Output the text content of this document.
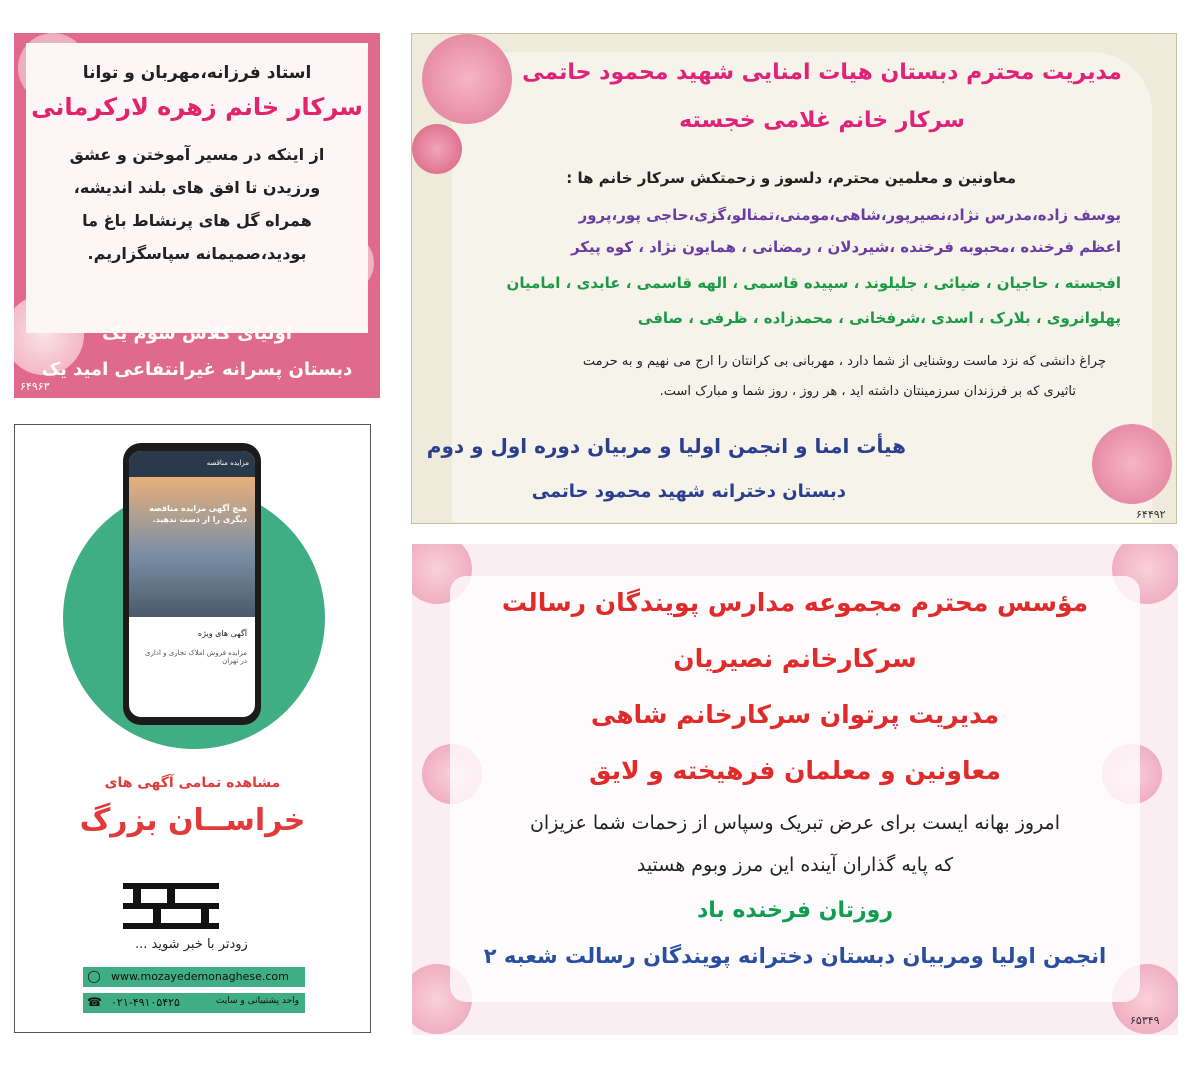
استاد فرزانه،مهربان و توانا
سرکار خانم زهره لارکرمانی
از اینکه در مسیر آموختن و عشق
ورزیدن تا افق های بلند اندیشه،
همراه گل های پرنشاط باغ ما
بودید،صمیمانه سپاسگزاریم.
اولیای کلاس سوم یک
دبستان پسرانه غیرانتفاعی امید یک
۶۴۹۶۳
مدیریت محترم دبستان هیات امنایی شهید محمود حاتمی
سرکار خانم غلامی خجسته
معاونین و معلمین محترم، دلسوز و زحمتکش سرکار خانم ها :
یوسف زاده،مدرس نژاد،نصیرپور،شاهی،مومنی،تمنالو،گزی،حاجی پور،پرور
اعظم فرخنده ،محبوبه فرخنده ،شیردلان ، رمضانی ، همایون نژاد ، کوه پیکر
افجسته ، حاجیان ، ضیائی ، جلیلوند ، سپیده قاسمی ، الهه قاسمی ، عابدی ، امامیان
پهلوانروی ، بلارک ، اسدی ،شرفخانی ، محمدزاده ، ظرفی ، صافی
چراغ دانشی که نزد ماست روشنایی از شما دارد ، مهربانی بی کرانتان را ارج می نهیم و به حرمت
تاثیری که بر فرزندان سرزمینتان داشته اید ، هر روز ، روز شما و مبارک است.
هیأت امنا و انجمن اولیا و مربیان دوره اول و دوم
دبستان دخترانه شهید محمود حاتمی
۶۴۴۹۲
مزایده مناقصه
هیچ آگهی مزایده مناقصه دیگری را از دست ندهید.
آگهی های ویژه
مزایده فروش املاک تجاری و اداری در تهران
مشاهده تمامی آگهی های
خراســان بزرگ
زودتر با خبر شوید ...
◯ www.mozayedemonaghese.com
☎ ۰۲۱-۴۹۱۰۵۴۲۵	واحد پشتیبانی و سایت
مؤسس محترم مجموعه مدارس پویندگان رسالت
سرکارخانم نصیریان
مدیریت پرتوان سرکارخانم شاهی
معاونین و معلمان فرهیخته و لایق
امروز بهانه ایست برای عرض تبریک وسپاس از زحمات شما عزیزان
که پایه گذاران آینده این مرز وبوم هستید
روزتان فرخنده باد
انجمن اولیا ومربیان دبستان دخترانه پویندگان رسالت شعبه ۲
۶۵۳۴۹
